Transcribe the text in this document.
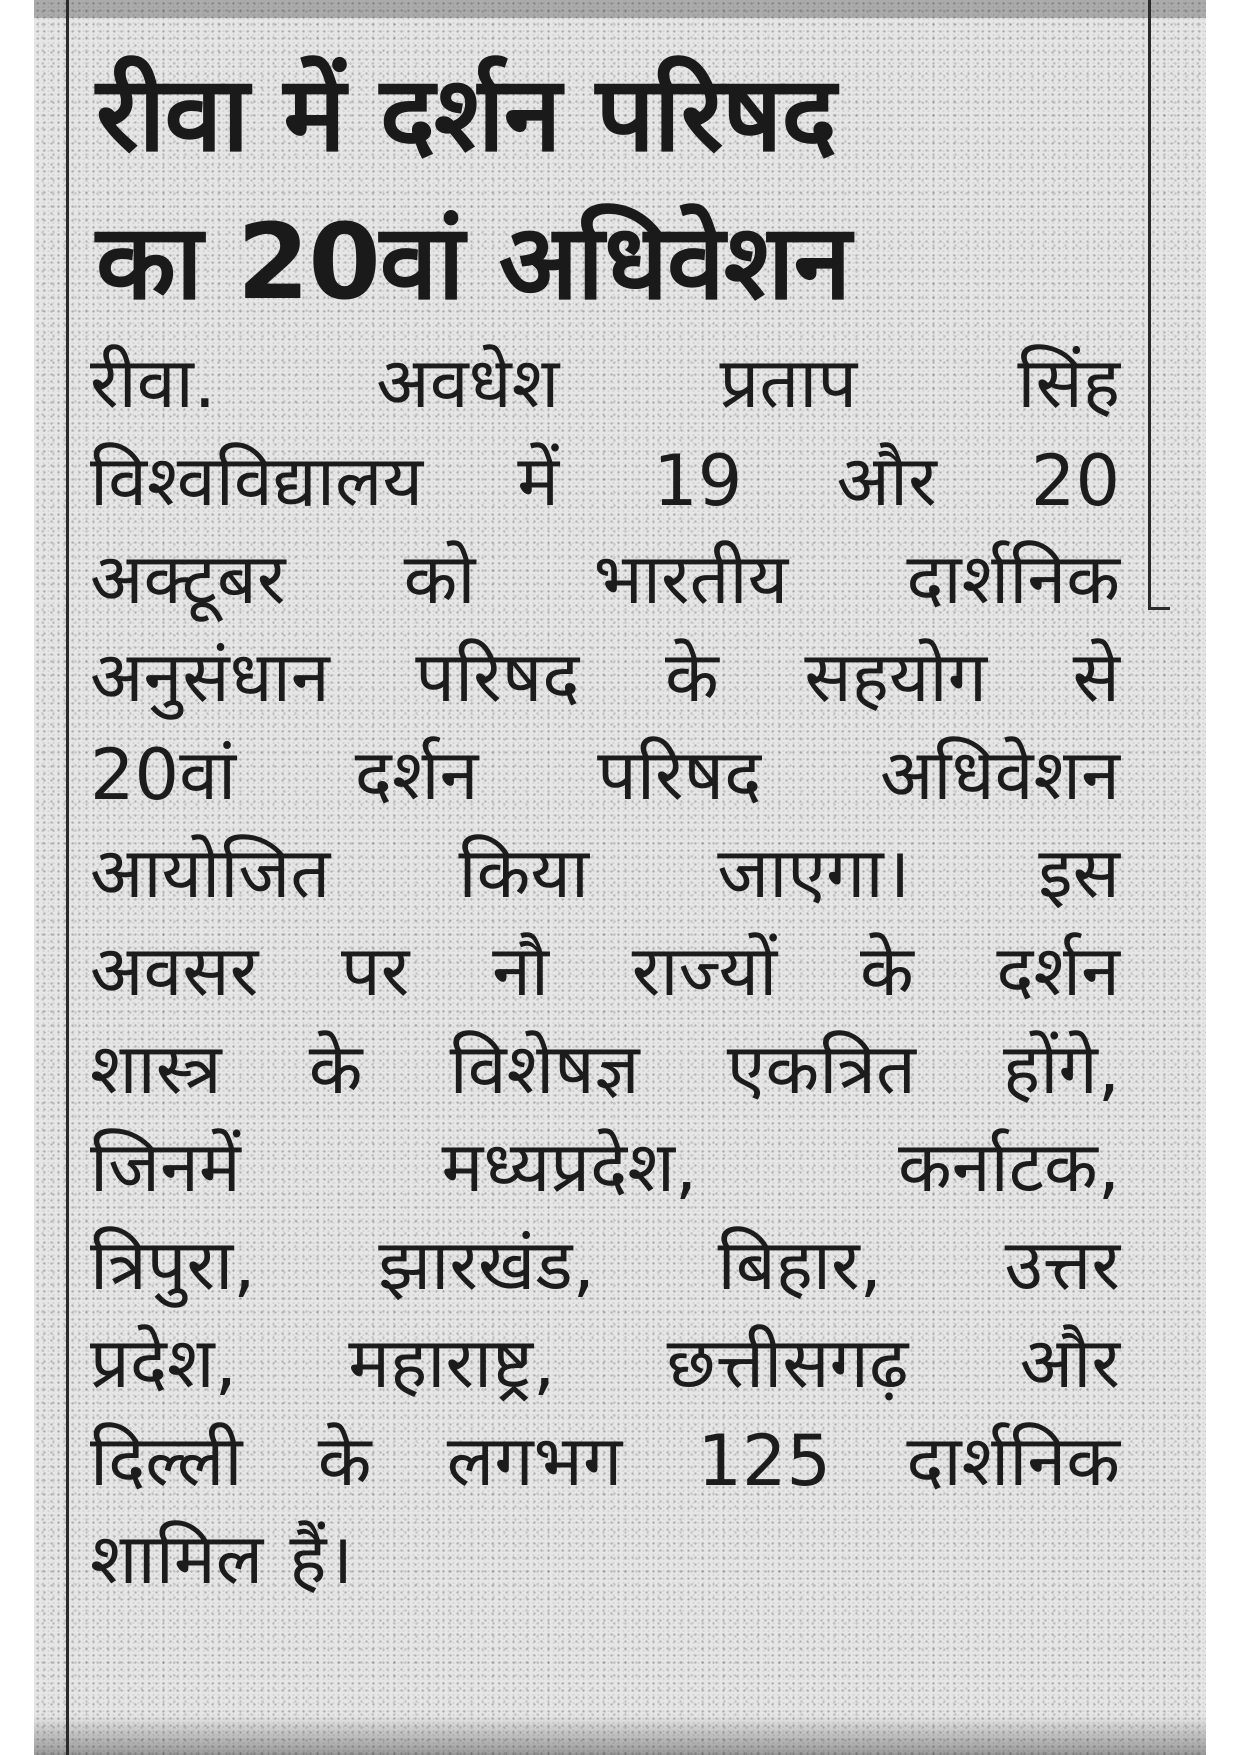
रीवा में दर्शन परिषद
का 20वां अधिवेशन

रीवा. अवधेश प्रताप सिंह
विश्वविद्यालय में 19 और 20
अक्टूबर को भारतीय दार्शनिक
अनुसंधान परिषद के सहयोग से
20वां दर्शन परिषद अधिवेशन
आयोजित किया जाएगा। इस
अवसर पर नौ राज्यों के दर्शन
शास्त्र के विशेषज्ञ एकत्रित होंगे,
जिनमें मध्यप्रदेश, कर्नाटक,
त्रिपुरा, झारखंड, बिहार, उत्तर
प्रदेश, महाराष्ट्र, छत्तीसगढ़ और
दिल्ली के लगभग 125 दार्शनिक
शामिल हैं।
